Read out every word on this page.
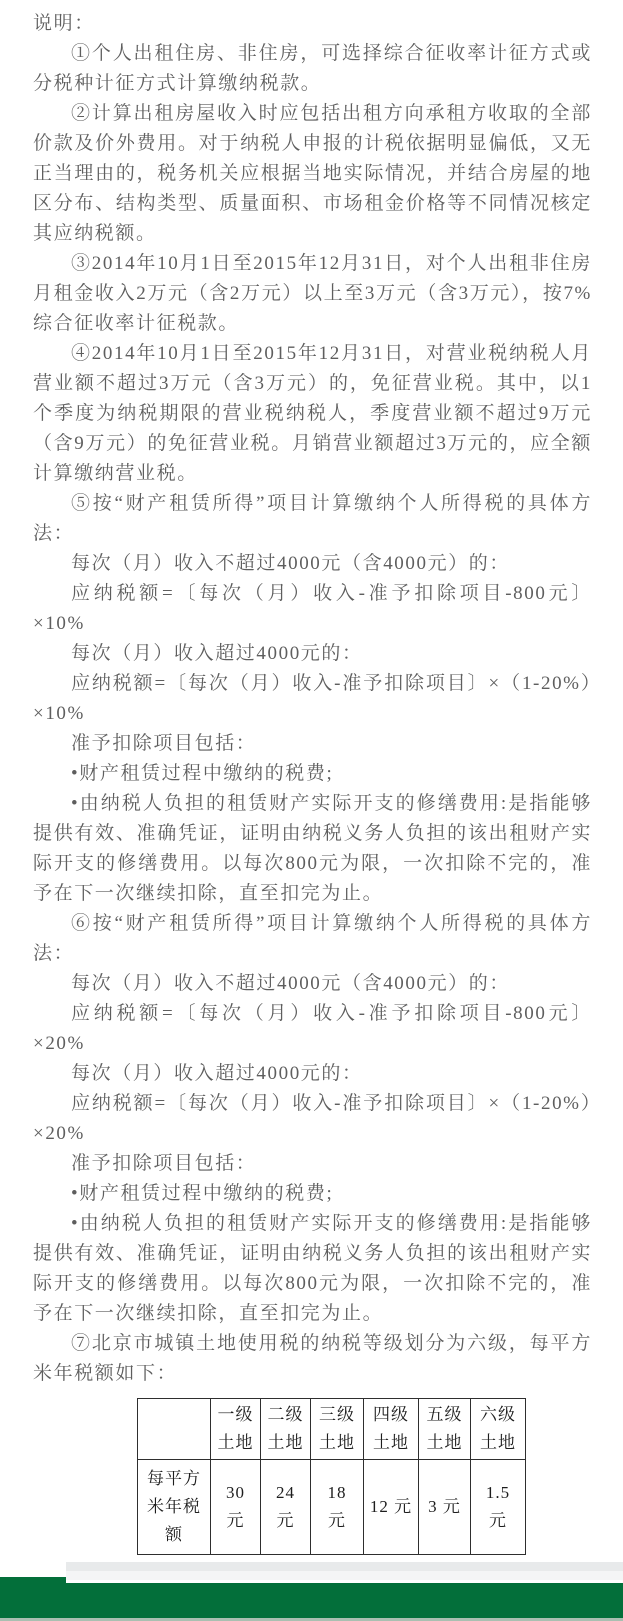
说明：

①个人出租住房、非住房，可选择综合征收率计征方式或分税种计征方式计算缴纳税款。

②计算出租房屋收入时应包括出租方向承租方收取的全部价款及价外费用。对于纳税人申报的计税依据明显偏低，又无正当理由的，税务机关应根据当地实际情况，并结合房屋的地区分布、结构类型、质量面积、市场租金价格等不同情况核定其应纳税额。

③2014年10月1日至2015年12月31日，对个人出租非住房月租金收入2万元（含2万元）以上至3万元（含3万元），按7%综合征收率计征税款。

④2014年10月1日至2015年12月31日，对营业税纳税人月营业额不超过3万元（含3万元）的，免征营业税。其中，以1个季度为纳税期限的营业税纳税人，季度营业额不超过9万元（含9万元）的免征营业税。月销营业额超过3万元的，应全额计算缴纳营业税。

⑤按“财产租赁所得”项目计算缴纳个人所得税的具体方法：

每次（月）收入不超过4000元（含4000元）的：

应纳税额=〔每次（月）收入-准予扣除项目-800元〕×10%

每次（月）收入超过4000元的：

应纳税额=〔每次（月）收入-准予扣除项目〕×（1-20%）×10%

准予扣除项目包括：

•财产租赁过程中缴纳的税费;

•由纳税人负担的租赁财产实际开支的修缮费用:是指能够提供有效、准确凭证，证明由纳税义务人负担的该出租财产实际开支的修缮费用。以每次800元为限，一次扣除不完的，准予在下一次继续扣除，直至扣完为止。

⑥按“财产租赁所得”项目计算缴纳个人所得税的具体方法：

每次（月）收入不超过4000元（含4000元）的：

应纳税额=〔每次（月）收入-准予扣除项目-800元〕×20%

每次（月）收入超过4000元的：

应纳税额=〔每次（月）收入-准予扣除项目〕×（1-20%）×20%

准予扣除项目包括：

•财产租赁过程中缴纳的税费;

•由纳税人负担的租赁财产实际开支的修缮费用:是指能够提供有效、准确凭证，证明由纳税义务人负担的该出租财产实际开支的修缮费用。以每次800元为限，一次扣除不完的，准予在下一次继续扣除，直至扣完为止。

⑦北京市城镇土地使用税的纳税等级划分为六级，每平方米年税额如下：

	一级土地	二级土地	三级土地	四级土地	五级土地	六级土地
每平方米年税额	30 元	24 元	18 元	12 元	3 元	1.5 元
